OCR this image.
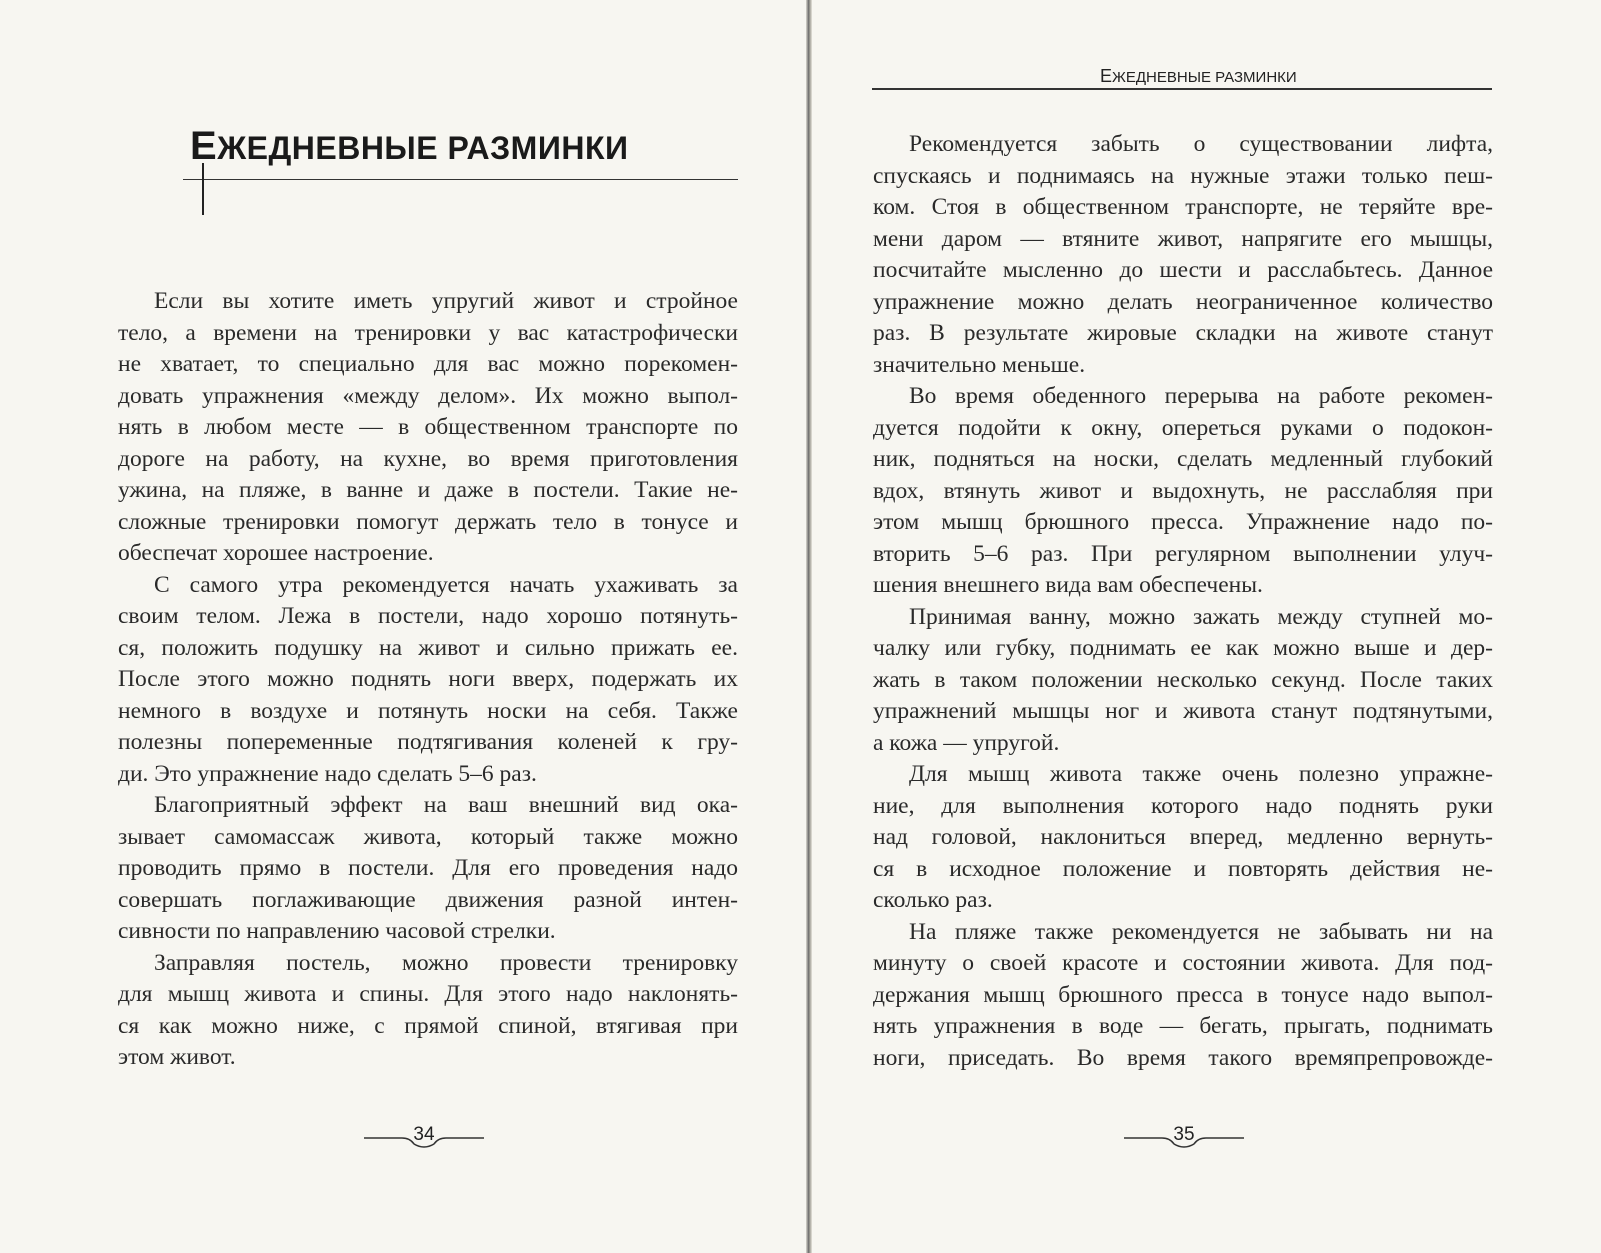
ЕЖЕДНЕВНЫЕ РАЗМИНКИ
Если вы хотите иметь упругий живот и стройное
тело, а времени на тренировки у вас катастрофически
не хватает, то специально для вас можно порекомен-
довать упражнения «между делом». Их можно выпол-
нять в любом месте — в общественном транспорте по
дороге на работу, на кухне, во время приготовления
ужина, на пляже, в ванне и даже в постели. Такие не-
сложные тренировки помогут держать тело в тонусе и
обеспечат хорошее настроение.
С самого утра рекомендуется начать ухаживать за
своим телом. Лежа в постели, надо хорошо потянуть-
ся, положить подушку на живот и сильно прижать ее.
После этого можно поднять ноги вверх, подержать их
немного в воздухе и потянуть носки на себя. Также
полезны попеременные подтягивания коленей к гру-
ди. Это упражнение надо сделать 5–6 раз.
Благоприятный эффект на ваш внешний вид ока-
зывает самомассаж живота, который также можно
проводить прямо в постели. Для его проведения надо
совершать поглаживающие движения разной интен-
сивности по направлению часовой стрелки.
Заправляя постель, можно провести тренировку
для мышц живота и спины. Для этого надо наклонять-
ся как можно ниже, с прямой спиной, втягивая при
этом живот.
34
ЕЖЕДНЕВНЫЕ РАЗМИНКИ
Рекомендуется забыть о существовании лифта,
спускаясь и поднимаясь на нужные этажи только пеш-
ком. Стоя в общественном транспорте, не теряйте вре-
мени даром — втяните живот, напрягите его мышцы,
посчитайте мысленно до шести и расслабьтесь. Данное
упражнение можно делать неограниченное количество
раз. В результате жировые складки на животе станут
значительно меньше.
Во время обеденного перерыва на работе рекомен-
дуется подойти к окну, опереться руками о подокон-
ник, подняться на носки, сделать медленный глубокий
вдох, втянуть живот и выдохнуть, не расслабляя при
этом мышц брюшного пресса. Упражнение надо по-
вторить 5–6 раз. При регулярном выполнении улуч-
шения внешнего вида вам обеспечены.
Принимая ванну, можно зажать между ступней мо-
чалку или губку, поднимать ее как можно выше и дер-
жать в таком положении несколько секунд. После таких
упражнений мышцы ног и живота станут подтянутыми,
а кожа — упругой.
Для мышц живота также очень полезно упражне-
ние, для выполнения которого надо поднять руки
над головой, наклониться вперед, медленно вернуть-
ся в исходное положение и повторять действия не-
сколько раз.
На пляже также рекомендуется не забывать ни на
минуту о своей красоте и состоянии живота. Для под-
держания мышц брюшного пресса в тонусе надо выпол-
нять упражнения в воде — бегать, прыгать, поднимать
ноги, приседать. Во время такого времяпрепровожде-
35
